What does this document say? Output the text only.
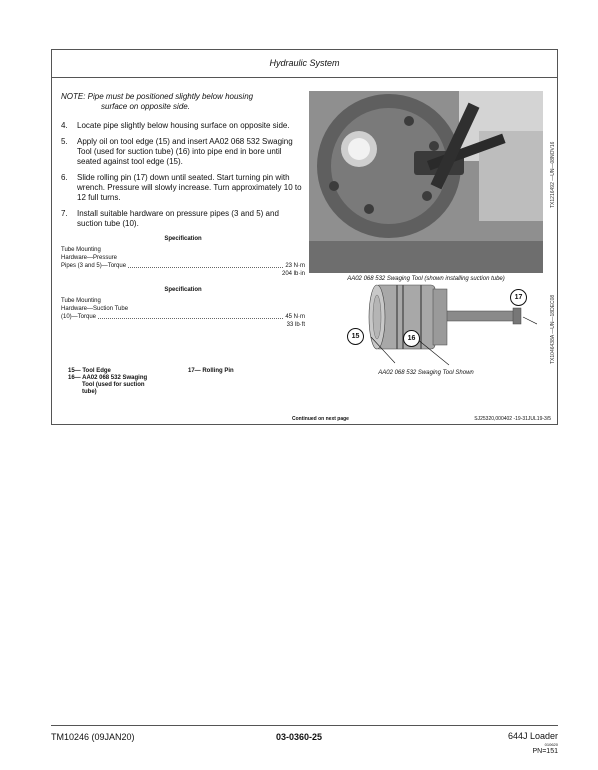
Hydraulic System

NOTE: Pipe must be positioned slightly below housing
surface on opposite side.

4. Locate pipe slightly below housing surface on opposite side.
5. Apply oil on tool edge (15) and insert AA02 068 532 Swaging Tool (used for suction tube) (16) into pipe end in bore until seated against tool edge (15).
6. Slide rolling pin (17) down until seated. Start turning pin with wrench. Pressure will slowly increase. Turn approximately 10 to 12 full turns.
7. Install suitable hardware on pressure pipes (3 and 5) and suction tube (10).
Specification
Tube Mounting
Hardware—Pressure
Pipes (3 and 5)—Torque	23 N·m
204 lb·in
Specification
Tube Mounting
Hardware—Suction Tube
(10)—Torque	45 N·m
33 lb·ft
15— Tool Edge
16— AA02 068 532 Swaging
Tool (used for suction
tube)
17— Rolling Pin
TX1216492 —UN—08NOV16
AA02 068 532 Swaging Tool (shown installing suction tube)
15	16
17	TX1046438A —UN—18DEC08
AA02 068 532 Swaging Tool Shown
Continued on next page	SJ25320,000402 -19-31JUL19-3/5
TM10246 (09JAN20)	03-0360-25	644J Loader
010620
PN=151
